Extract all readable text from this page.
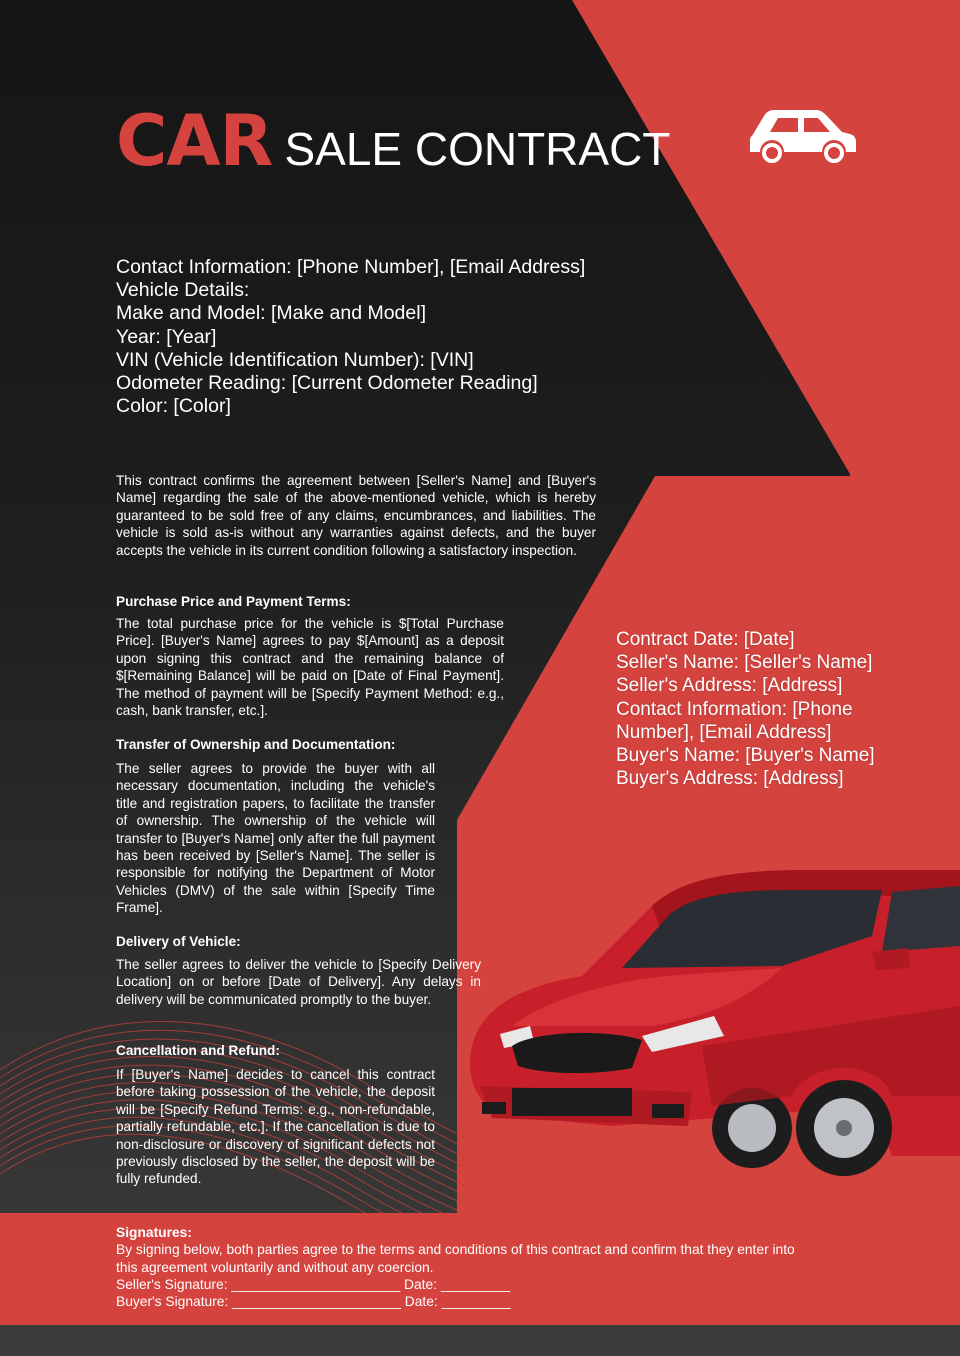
CAR SALE CONTRACT
Contact Information: [Phone Number], [Email Address]
Vehicle Details:
Make and Model: [Make and Model]
Year: [Year]
VIN (Vehicle Identification Number): [VIN]
Odometer Reading: [Current Odometer Reading]
Color: [Color]
This contract confirms the agreement between [Seller's Name] and [Buyer's Name] regarding the sale of the above-mentioned vehicle, which is hereby guaranteed to be sold free of any claims, encumbrances, and liabilities. The vehicle is sold as-is without any warranties against defects, and the buyer accepts the vehicle in its current condition following a satisfactory inspection.
Purchase Price and Payment Terms:
The total purchase price for the vehicle is $[Total Purchase Price]. [Buyer's Name] agrees to pay $[Amount] as a deposit upon signing this contract and the remaining balance of $[Remaining Balance] will be paid on [Date of Final Payment]. The method of payment will be [Specify Payment Method: e.g., cash, bank transfer, etc.].
Transfer of Ownership and Documentation:
The seller agrees to provide the buyer with all necessary documentation, including the vehicle's title and registration papers, to facilitate the transfer of ownership. The ownership of the vehicle will transfer to [Buyer's Name] only after the full payment has been received by [Seller's Name]. The seller is responsible for notifying the Department of Motor Vehicles (DMV) of the sale within [Specify Time Frame].
Delivery of Vehicle:
The seller agrees to deliver the vehicle to [Specify Delivery Location] on or before [Date of Delivery]. Any delays in delivery will be communicated promptly to the buyer.
Cancellation and Refund:
If [Buyer's Name] decides to cancel this contract before taking possession of the vehicle, the deposit will be [Specify Refund Terms: e.g., non-refundable, partially refundable, etc.]. If the cancellation is due to non-disclosure or discovery of significant defects not previously disclosed by the seller, the deposit will be fully refunded.
Contract Date: [Date]
Seller's Name: [Seller's Name]
Seller's Address: [Address]
Contact Information: [Phone
Number], [Email Address]
Buyer's Name: [Buyer's Name]
Buyer's Address: [Address]
Signatures:
By signing below, both parties agree to the terms and conditions of this contract and confirm that they enter into
this agreement voluntarily and without any coercion.
Seller's Signature: ______________________ Date: _________
Buyer's Signature: ______________________ Date: _________
